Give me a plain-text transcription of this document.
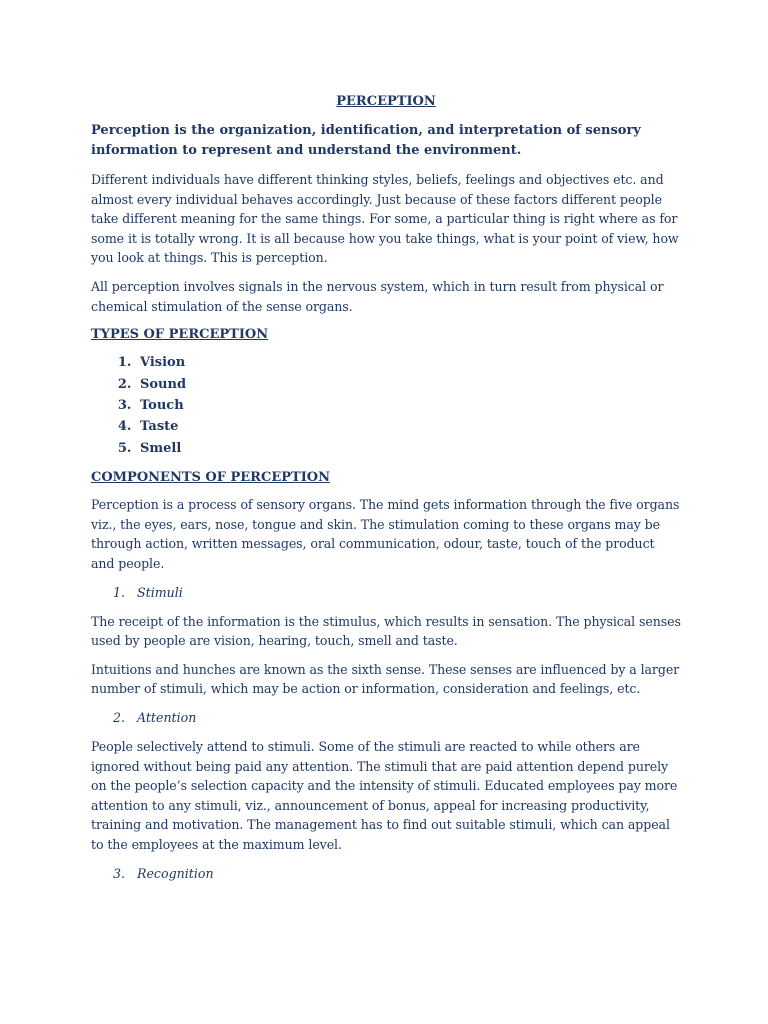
PERCEPTION
Perception is the organization, identification, and interpretation of sensory information to represent and understand the environment.

Different individuals have different thinking styles, beliefs, feelings and objectives etc. and almost every individual behaves accordingly. Just because of these factors different people take different meaning for the same things. For some, a particular thing is right where as for some it is totally wrong. It is all because how you take things, what is your point of view, how you look at things. This is perception.

All perception involves signals in the nervous system, which in turn result from physical or chemical stimulation of the sense organs.

TYPES OF PERCEPTION
1. Vision
2. Sound
3. Touch
4. Taste
5. Smell
COMPONENTS OF PERCEPTION

Perception is a process of sensory organs. The mind gets information through the five organs viz., the eyes, ears, nose, tongue and skin. The stimulation coming to these organs may be through action, written messages, oral communication, odour, taste, touch of the product and people.

1. Stimuli

The receipt of the information is the stimulus, which results in sensation. The physical senses used by people are vision, hearing, touch, smell and taste.

Intuitions and hunches are known as the sixth sense. These senses are influenced by a larger number of stimuli, which may be action or information, consideration and feelings, etc.

2. Attention

People selectively attend to stimuli. Some of the stimuli are reacted to while others are ignored without being paid any attention. The stimuli that are paid attention depend purely on the people’s selection capacity and the intensity of stimuli. Educated employees pay more attention to any stimuli, viz., announcement of bonus, appeal for increasing productivity, training and motivation. The management has to find out suitable stimuli, which can appeal to the employees at the maximum level.

3. Recognition
